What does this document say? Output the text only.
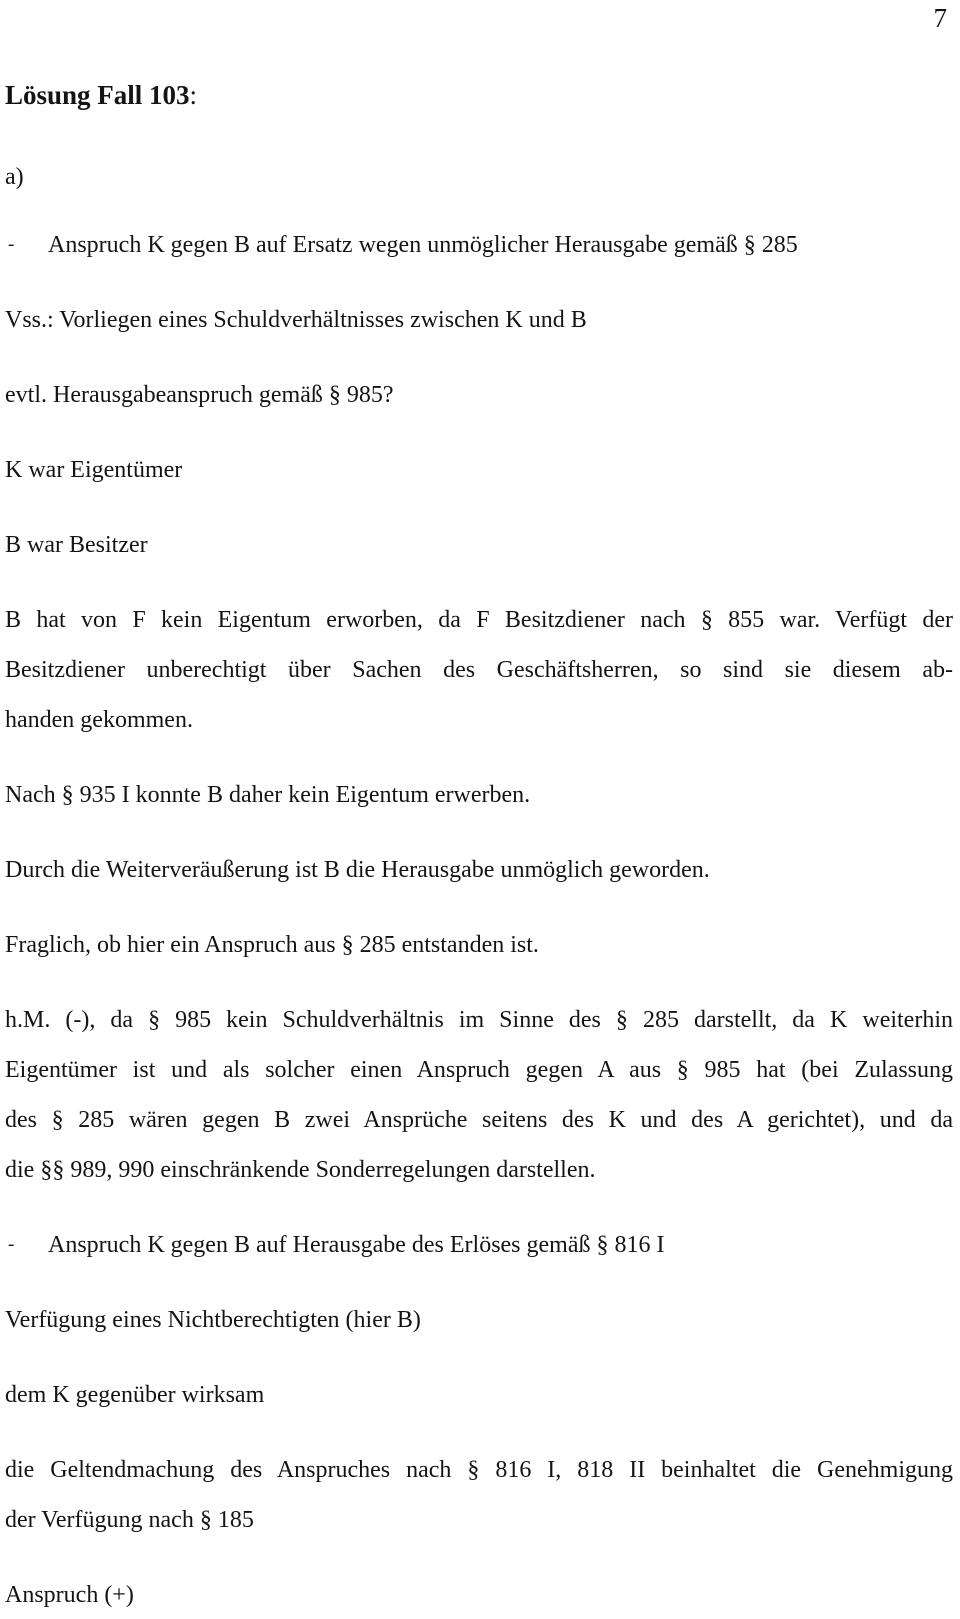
7
Lösung Fall 103:
a)
- Anspruch K gegen B auf Ersatz wegen unmöglicher Herausgabe gemäß § 285
Vss.: Vorliegen eines Schuldverhältnisses zwischen K und B
evtl. Herausgabeanspruch gemäß § 985?
K war Eigentümer
B war Besitzer
B hat von F kein Eigentum erworben, da F Besitzdiener nach § 855 war. Verfügt der
Besitzdiener unberechtigt über Sachen des Geschäftsherren, so sind sie diesem ab-
handen gekommen.
Nach § 935 I konnte B daher kein Eigentum erwerben.
Durch die Weiterveräußerung ist B die Herausgabe unmöglich geworden.
Fraglich, ob hier ein Anspruch aus § 285 entstanden ist.
h.M. (-), da § 985 kein Schuldverhältnis im Sinne des § 285 darstellt, da K weiterhin
Eigentümer ist und als solcher einen Anspruch gegen A aus § 985 hat (bei Zulassung
des § 285 wären gegen B zwei Ansprüche seitens des K und des A gerichtet), und da
die §§ 989, 990 einschränkende Sonderregelungen darstellen.
- Anspruch K gegen B auf Herausgabe des Erlöses gemäß § 816 I
Verfügung eines Nichtberechtigten (hier B)
dem K gegenüber wirksam
die Geltendmachung des Anspruches nach § 816 I, 818 II beinhaltet die Genehmigung
der Verfügung nach § 185
Anspruch (+)
